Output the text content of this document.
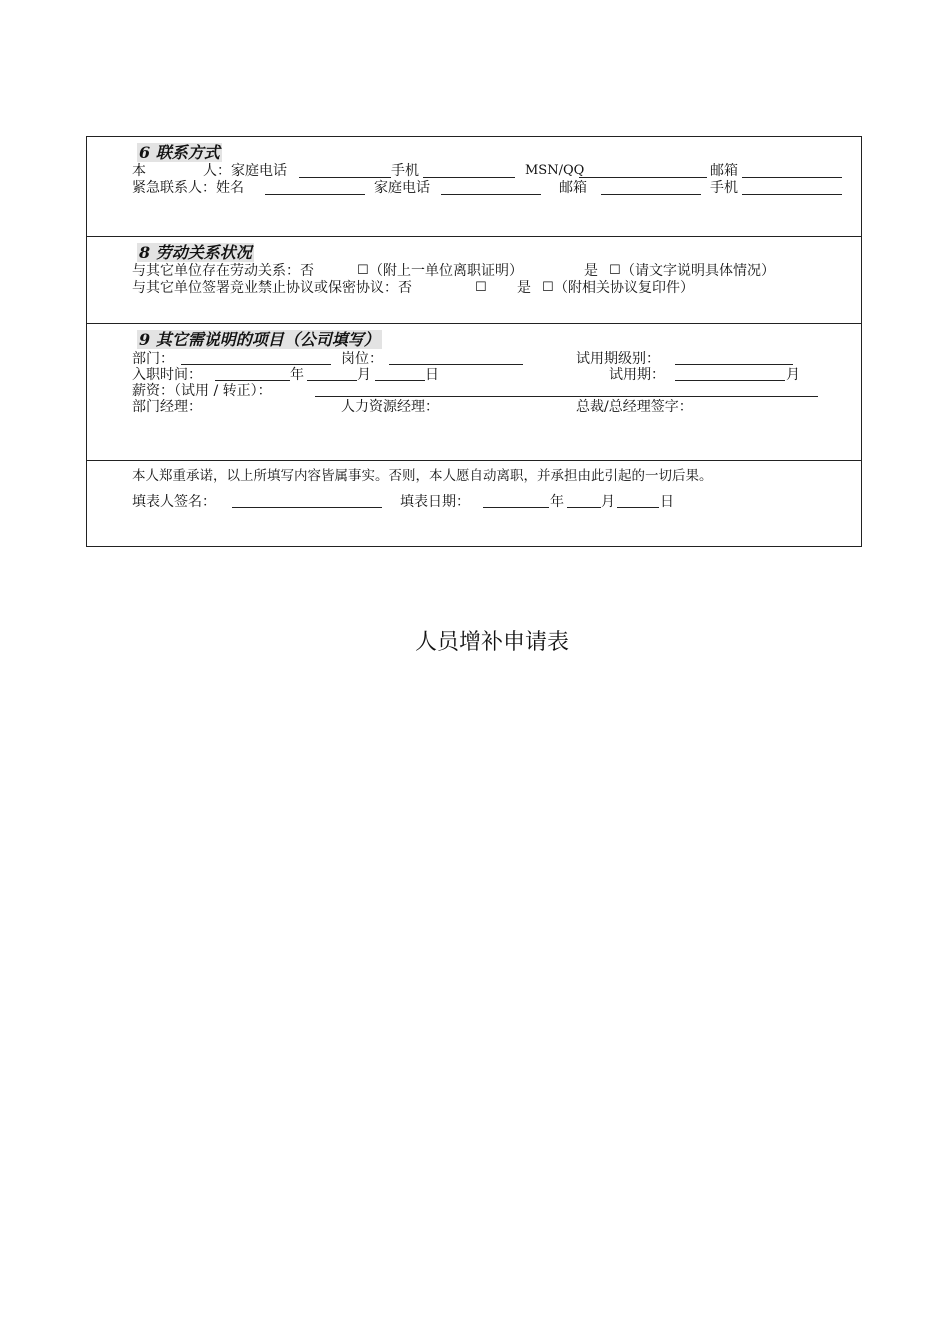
6 联系方式
本	人：家庭电话	手机	MSN/QQ	邮箱
紧急联系人：姓名	家庭电话	邮箱	手机
8 劳动关系状况
与其它单位存在劳动关系：否	☐ （附上一单位离职证明）	是 ☐ （请文字说明具体情况）
与其它单位签署竞业禁止协议或保密协议：否	☐ 是 ☐ （附相关协议复印件）
9 其它需说明的项目（公司填写）
部门：	岗位：	试用期级别：
入职时间：	年	月	日	试用期：	月
薪资：（试用 / 转正）：
部门经理：	人力资源经理：	总裁/总经理签字：
本人郑重承诺，以上所填写内容皆属事实。否则，本人愿自动离职，并承担由此引起的一切后果。
填表人签名：	填表日期：	年	月	日
人员增补申请表
